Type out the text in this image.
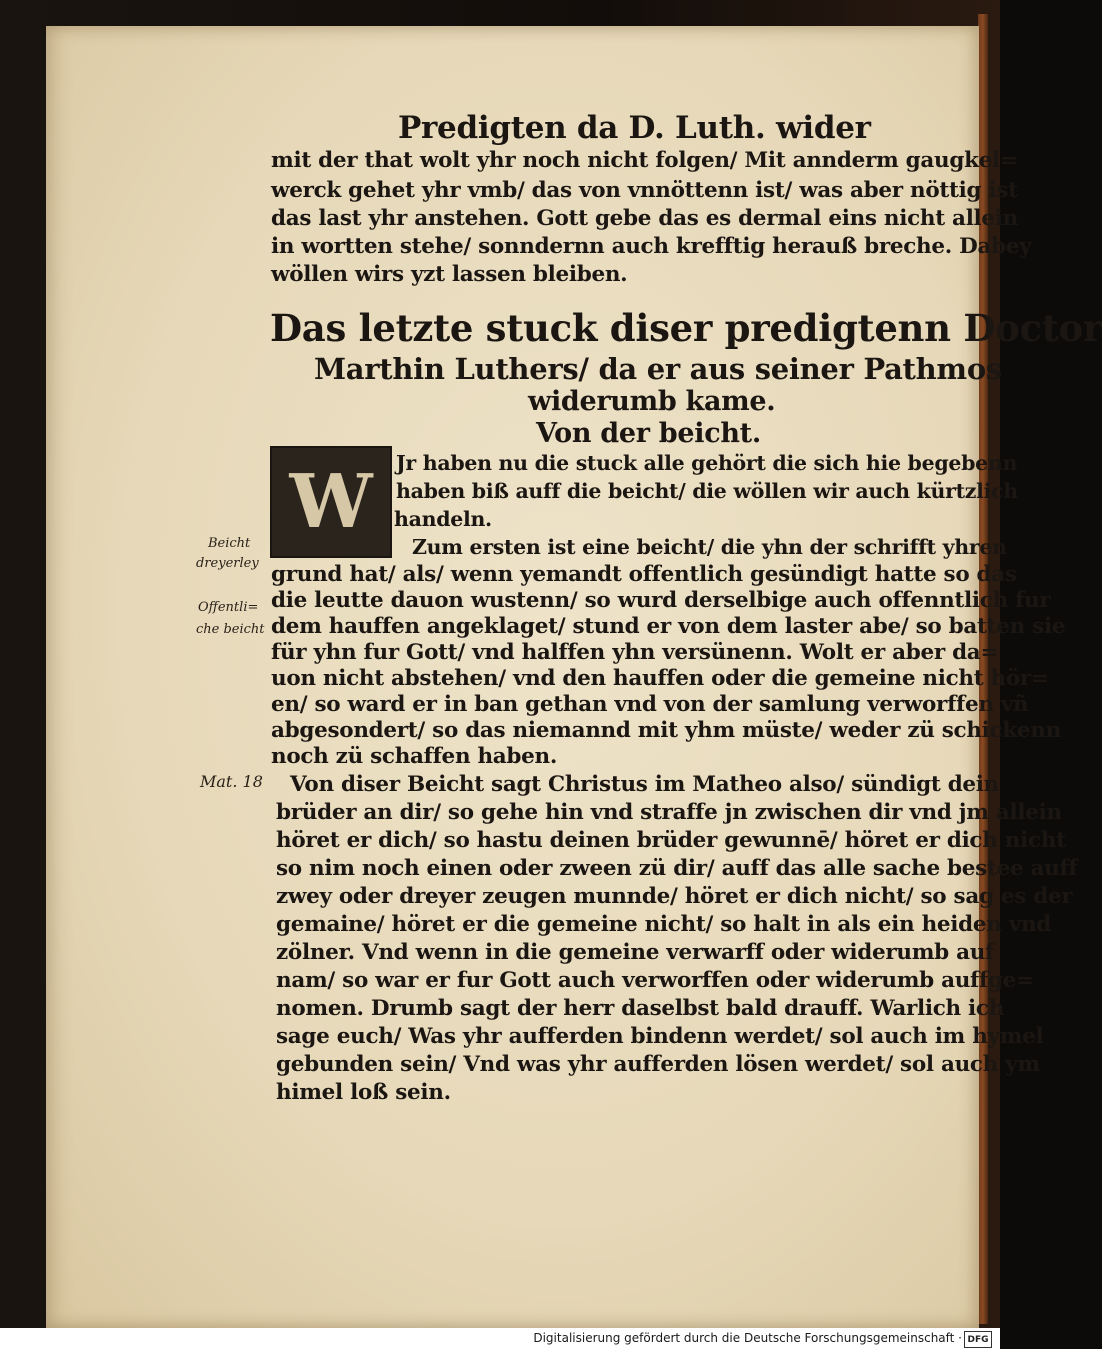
Predigten da D. Luth. wider

mit der that wolt yhr noch nicht folgen/ Mit annderm gaugkel=

werck gehet yhr vmb/ das von vnnöttenn ist/ was aber nöttig ist

das last yhr anstehen. Gott gebe das es dermal eins nicht allein

in wortten stehe/ sonndernn auch krefftig herauß breche. Dabey

wöllen wirs yzt lassen bleiben.

Das letzte stuck diser predigtenn Doctor

Marthin Luthers/ da er aus seiner Pathmos

widerumb kame.

Von der beicht.

W Jr haben nu die stuck alle gehört die sich hie begebenn

haben biß auff die beicht/ die wöllen wir auch kürtzlich

handeln.

Zum ersten ist eine beicht/ die yhn der schrifft yhren

grund hat/ als/ wenn yemandt offentlich gesündigt hatte so das

die leutte dauon wustenn/ so wurd derselbige auch offenntlich fur

dem hauffen angeklaget/ stund er von dem laster abe/ so batten sie

für yhn fur Gott/ vnd halffen yhn versünenn. Wolt er aber da=

uon nicht abstehen/ vnd den hauffen oder die gemeine nicht hör=

en/ so ward er in ban gethan vnd von der samlung verworffen vñ

abgesondert/ so das niemannd mit yhm müste/ weder zü schickenn

noch zü schaffen haben.

Von diser Beicht sagt Christus im Matheo also/ sündigt dein

brüder an dir/ so gehe hin vnd straffe jn zwischen dir vnd jm allein

höret er dich/ so hastu deinen brüder gewunnē/ höret er dich nicht

so nim noch einen oder zween zü dir/ auff das alle sache bestee auff

zwey oder dreyer zeugen munnde/ höret er dich nicht/ so sag es der

gemaine/ höret er die gemeine nicht/ so halt in als ein heiden vnd

zölner. Vnd wenn in die gemeine verwarff oder widerumb auf

nam/ so war er fur Gott auch verworffen oder widerumb auffge=

nomen. Drumb sagt der herr daselbst bald drauff. Warlich ich

sage euch/ Was yhr aufferden bindenn werdet/ sol auch im hymel

gebunden sein/ Vnd was yhr aufferden lösen werdet/ sol auch ym

himel loß sein.

Beicht
dreyerley
Offentli=
che beicht
Mat. 18
Digitalisierung gefördert durch die Deutsche Forschungsgemeinschaft · DFG
